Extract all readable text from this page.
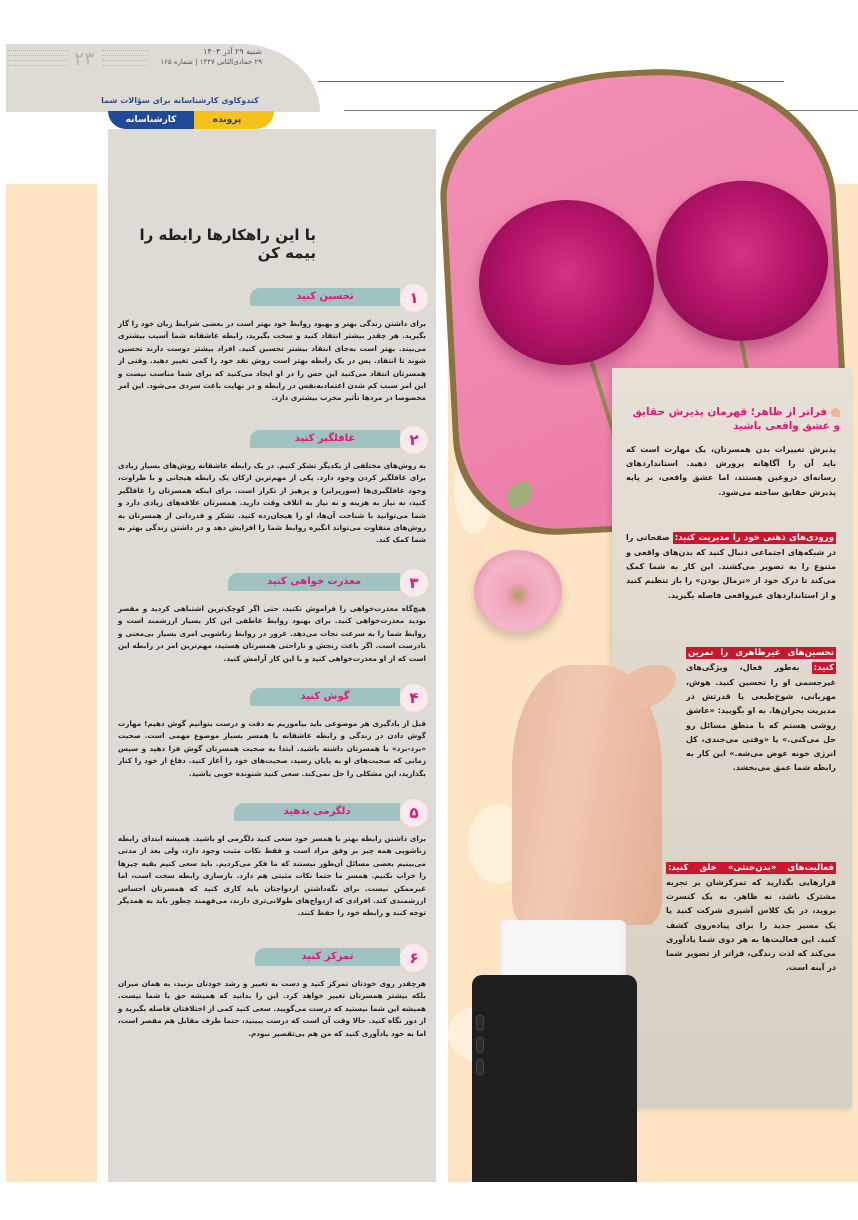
۲۳	شنبه ۲۹ آذر ۱۴۰۴
۲۹ جمادی‌الثانی ۱۴۴۷ | شماره ۱۶۵
کندوکاوی کارشناسانه برای سؤالات شما
پرونده
کارشناسانه
با این راهکارها رابطه را بیمه کن
تحسین کنید	۱

برای داشتن زندگی بهتر و بهبود روابط خود بهتر است در بعضی شرایط زبان خود را گاز بگیرید. هر چقدر بیشتر انتقاد کنید و سخت بگیرید، رابطه عاشقانه شما آسیب بیشتری می‌بیند. بهتر است به‌جای انتقاد بیشتر تحسین کنید. افراد بیشتر دوست دارند تحسین شوند تا انتقاد. پس در یک رابطه بهتر است روش نقد خود را کمی تغییر دهید. وقتی از همسرتان انتقاد می‌کنید این حس را در او ایجاد می‌کنید که برای شما مناسب نیست و این امر سبب کم شدن اعتماد‌به‌نفس در رابطه و در نهایت باعث سردی می‌شود. این امر مخصوصا در مردها تأثیر مخرب بیشتری دارد.

غافلگیر کنید	۲

به روش‌های مختلفی از یکدیگر تشکر کنیم. در یک رابطه عاشقانه روش‌های بسیار زیادی برای غافلگیر کردن وجود دارد. یکی از مهم‌ترین ارکان یک رابطه هیجانی و با طراوت، وجود غافلگیری‌ها (سورپرایز) و پرهیز از تکرار است. برای اینکه همسرتان را غافلگیر کنید، نه نیاز به هزینه و نه نیاز به اتلاف وقت دارید. همسرتان علاقه‌های زیادی دارد و شما می‌توانید با شناخت آن‌ها، او را هیجان‌زده کنید. تشکر و قدردانی از همسرتان به روش‌های متفاوت می‌تواند انگیزه روابط شما را افزایش دهد و در داشتن زندگی بهتر به شما کمک کند.

معذرت خواهی کنید	۳

هیچ‌گاه معذرت‌خواهی را فراموش نکنید، حتی اگر کوچک‌ترین اشتباهی کردید و مقصر بودید معذرت‌خواهی کنید. برای بهبود روابط عاطفی این کار بسیار ارزشمند است و روابط شما را به سرعت نجات می‌دهد. غرور در روابط زناشویی امری بسیار بی‌معنی و نادرست است. اگر باعث رنجش و ناراحتی همسرتان هستید، مهم‌ترین امر در رابطه این است که از او معذرت‌خواهی کنید و با این کار آرامش کنید.

گوش کنید	۴

قبل از یادگیری هر موضوعی باید بیاموزیم به دقت و درست بتوانیم گوش دهیم! مهارت گوش دادن در زندگی و رابطه عاشقانه با همسر بسیار موضوع مهمی است. صحبت «برد-برد» با همسرتان داشته باشید. ابتدا به صحبت همسرتان گوش فرا دهید و سپس زمانی که صحبت‌های او به پایان رسید، صحبت‌های خود را آغاز کنید. دفاع از خود را کنار بگذارید، این مشکلی را حل نمی‌کند. سعی کنید شنونده خوبی باشید.

دلگرمی بدهید	۵

برای داشتن رابطه بهتر با همسر خود سعی کنید دلگرمی او باشید. همیشه ابتدای رابطه زناشویی همه چیز بر وفق مراد است و فقط نکات مثبت وجود دارد، ولی بعد از مدتی می‌بینیم بعضی مسائل آن‌طور نیستند که ما فکر می‌کردیم. باید سعی کنیم بقیه چیزها را خراب نکنیم. همسر ما حتما نکات مثبتی هم دارد. بازسازی رابطه سخت است، اما غیرممکن نیست. برای نگه‌داشتن ازدواجتان باید کاری کنید که همسرتان احساس ارزشمندی کند. افرادی که ازدواج‌های طولانی‌تری دارند، می‌فهمند چطور باید به همدیگر توجه کنند و رابطه خود را حفظ کنند.

تمرکز کنید	۶

هرچقدر روی خودتان تمرکز کنید و دست به تغییر و رشد خودتان بزنید، به همان میزان بلکه بیشتر همسرتان تغییر خواهد کرد. این را بدانید که همیشه حق با شما نیست. همیشه این شما نیستید که درست می‌گویید. سعی کنید کمی از اختلافتان فاصله بگیرید و از دور نگاه کنید. حالا وقت آن است که درست ببینید، حتما طرف مقابل هم مقصر است، اما به خود یادآوری کنید که من هم بی‌تقصیر نبودم.

فراتر از ظاهر؛ قهرمان پذیرش حقایق و عشق واقعی باشید

پذیرش تغییرات بدن همسرتان، یک مهارت است که باید آن را آگاهانه پرورش دهید. استانداردهای رسانه‌ای دروغین هستند، اما عشق واقعی، بر پایه پذیرش حقایق ساخته می‌شود.

ورودی‌های ذهنی خود را مدیریت کنید: صفحاتی را در شبکه‌های اجتماعی دنبال کنید که بدن‌های واقعی و متنوع را به تصویر می‌کشند. این کار به شما کمک می‌کند تا درک خود از «نرمال بودن» را باز تنظیم کنید و از استانداردهای غیرواقعی فاصله بگیرید.

تحسین‌های غیرظاهری را تمرین کنید: به‌طور فعال، ویژگی‌های غیرجسمی او را تحسین کنید. هوش، مهربانی، شوخ‌طبعی یا قدرتش در مدیریت بحران‌ها. به او بگویید: «عاشق روشی هستم که با منطق مسائل رو حل می‌کنی.» یا «وقتی می‌خندی، کل انرژی خونه عوض می‌شه.» این کار به رابطه شما عمق می‌بخشد.

فعالیت‌های «بدن‌خنثی» خلق کنید: قرارهایی بگذارید که تمرکزشان بر تجربه مشترک باشد، نه ظاهر. به یک کنسرت بروید، در یک کلاس آشپزی شرکت کنید یا یک مسیر جدید را برای پیاده‌روی کشف کنید. این فعالیت‌ها به هر دوی شما یادآوری می‌کند که لذت زندگی، فراتر از تصویر شما در آینه است.
